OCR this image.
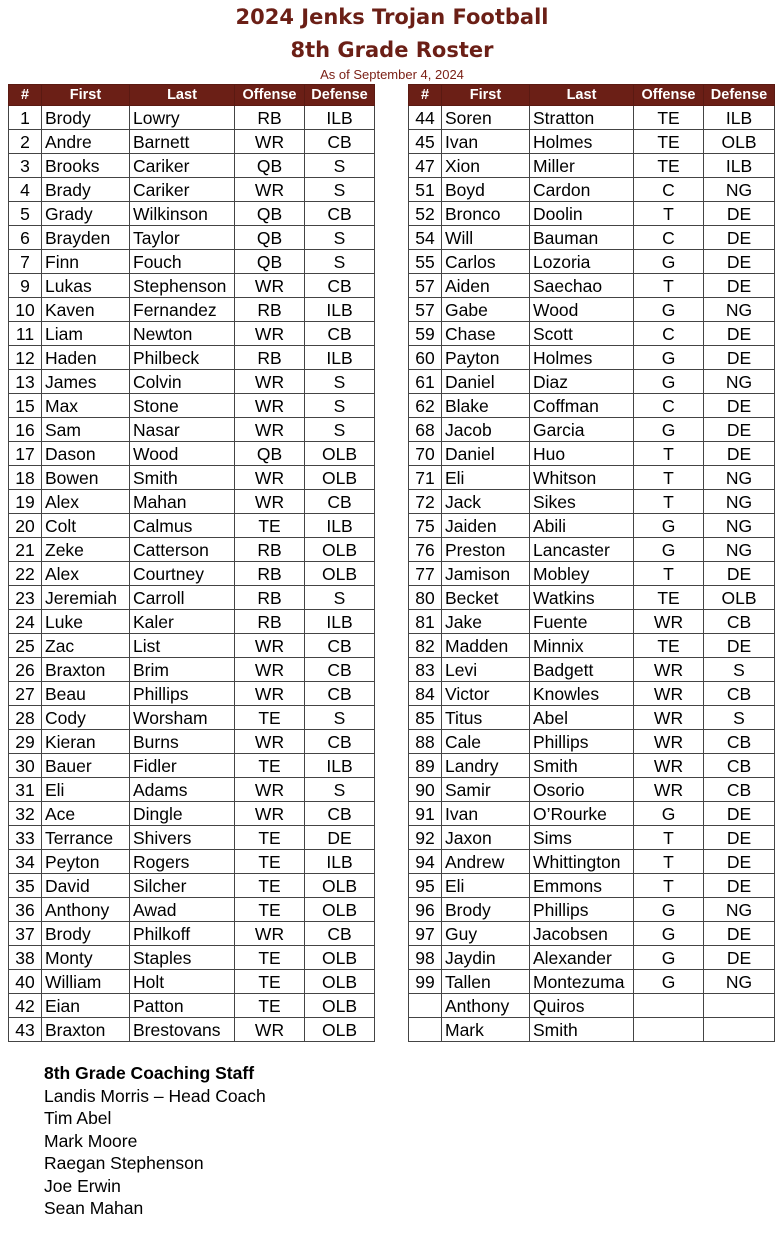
2024 Jenks Trojan Football
8th Grade Roster
As of September 4, 2024
#	First	Last	Offense	Defense
1	Brody	Lowry	RB	ILB
2	Andre	Barnett	WR	CB
3	Brooks	Cariker	QB	S
4	Brady	Cariker	WR	S
5	Grady	Wilkinson	QB	CB
6	Brayden	Taylor	QB	S
7	Finn	Fouch	QB	S
9	Lukas	Stephenson	WR	CB
10	Kaven	Fernandez	RB	ILB
11	Liam	Newton	WR	CB
12	Haden	Philbeck	RB	ILB
13	James	Colvin	WR	S
15	Max	Stone	WR	S
16	Sam	Nasar	WR	S
17	Dason	Wood	QB	OLB
18	Bowen	Smith	WR	OLB
19	Alex	Mahan	WR	CB
20	Colt	Calmus	TE	ILB
21	Zeke	Catterson	RB	OLB
22	Alex	Courtney	RB	OLB
23	Jeremiah	Carroll	RB	S
24	Luke	Kaler	RB	ILB
25	Zac	List	WR	CB
26	Braxton	Brim	WR	CB
27	Beau	Phillips	WR	CB
28	Cody	Worsham	TE	S
29	Kieran	Burns	WR	CB
30	Bauer	Fidler	TE	ILB
31	Eli	Adams	WR	S
32	Ace	Dingle	WR	CB
33	Terrance	Shivers	TE	DE
34	Peyton	Rogers	TE	ILB
35	David	Silcher	TE	OLB
36	Anthony	Awad	TE	OLB
37	Brody	Philkoff	WR	CB
38	Monty	Staples	TE	OLB
40	William	Holt	TE	OLB
42	Eian	Patton	TE	OLB
43	Braxton	Brestovans	WR	OLB
#	First	Last	Offense	Defense
44	Soren	Stratton	TE	ILB
45	Ivan	Holmes	TE	OLB
47	Xion	Miller	TE	ILB
51	Boyd	Cardon	C	NG
52	Bronco	Doolin	T	DE
54	Will	Bauman	C	DE
55	Carlos	Lozoria	G	DE
57	Aiden	Saechao	T	DE
57	Gabe	Wood	G	NG
59	Chase	Scott	C	DE
60	Payton	Holmes	G	DE
61	Daniel	Diaz	G	NG
62	Blake	Coffman	C	DE
68	Jacob	Garcia	G	DE
70	Daniel	Huo	T	DE
71	Eli	Whitson	T	NG
72	Jack	Sikes	T	NG
75	Jaiden	Abili	G	NG
76	Preston	Lancaster	G	NG
77	Jamison	Mobley	T	DE
80	Becket	Watkins	TE	OLB
81	Jake	Fuente	WR	CB
82	Madden	Minnix	TE	DE
83	Levi	Badgett	WR	S
84	Victor	Knowles	WR	CB
85	Titus	Abel	WR	S
88	Cale	Phillips	WR	CB
89	Landry	Smith	WR	CB
90	Samir	Osorio	WR	CB
91	Ivan	O’Rourke	G	DE
92	Jaxon	Sims	T	DE
94	Andrew	Whittington	T	DE
95	Eli	Emmons	T	DE
96	Brody	Phillips	G	NG
97	Guy	Jacobsen	G	DE
98	Jaydin	Alexander	G	DE
99	Tallen	Montezuma	G	NG
	Anthony	Quiros		
	Mark	Smith		
8th Grade Coaching Staff
Landis Morris – Head Coach
Tim Abel
Mark Moore
Raegan Stephenson
Joe Erwin
Sean Mahan
